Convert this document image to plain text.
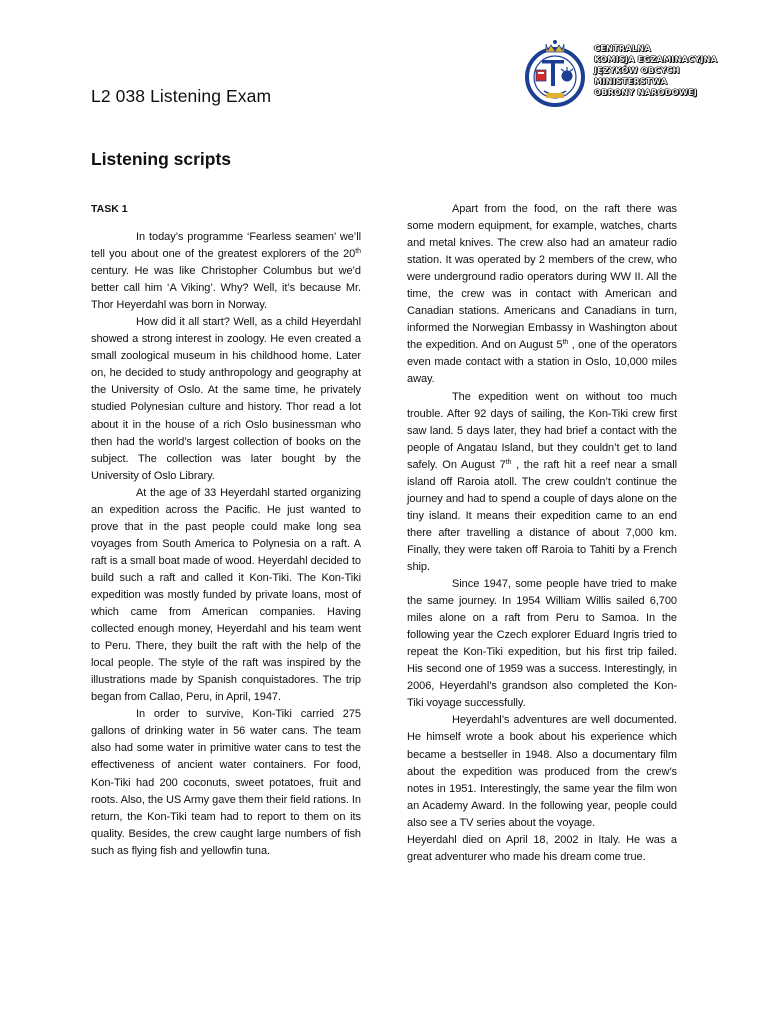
CENTRALNA
KOMISJA EGZAMINACYJNA
JĘZYKÓW OBCYCH
MINISTERSTWA
OBRONY NARODOWEJ
L2 038 Listening Exam
Listening scripts
TASK 1

In today’s programme ‘Fearless seamen’ we’ll tell you about one of the greatest explorers of the 20th century. He was like Christopher Columbus but we’d better call him ‘A Viking’. Why? Well, it’s because Mr. Thor Heyerdahl was born in Norway.

How did it all start? Well, as a child Heyerdahl showed a strong interest in zoology. He even created a small zoological museum in his childhood home. Later on, he decided to study anthropology and geography at the University of Oslo. At the same time, he privately studied Polynesian culture and history. Thor read a lot about it in the house of a rich Oslo businessman who then had the world’s largest collection of books on the subject. The collection was later bought by the University of Oslo Library.

At the age of 33 Heyerdahl started organizing an expedition across the Pacific. He just wanted to prove that in the past people could make long sea voyages from South America to Polynesia on a raft. A raft is a small boat made of wood. Heyerdahl decided to build such a raft and called it Kon-Tiki. The Kon-Tiki expedition was mostly funded by private loans, most of which came from American companies. Having collected enough money, Heyerdahl and his team went to Peru. There, they built the raft with the help of the local people. The style of the raft was inspired by the illustrations made by Spanish conquistadores. The trip began from Callao, Peru, in April, 1947.

In order to survive, Kon-Tiki carried 275 gallons of drinking water in 56 water cans. The team also had some water in primitive water cans to test the effectiveness of ancient water containers. For food, Kon-Tiki had 200 coconuts, sweet potatoes, fruit and roots. Also, the US Army gave them their field rations. In return, the Kon-Tiki team had to report to them on its quality. Besides, the crew caught large numbers of fish such as flying fish and yellowfin tuna.

Apart from the food, on the raft there was some modern equipment, for example, watches, charts and metal knives. The crew also had an amateur radio station. It was operated by 2 members of the crew, who were underground radio operators during WW II. All the time, the crew was in contact with American and Canadian stations. Americans and Canadians in turn, informed the Norwegian Embassy in Washington about the expedition. And on August 5th , one of the operators even made contact with a station in Oslo, 10,000 miles away.

The expedition went on without too much trouble. After 92 days of sailing, the Kon-Tiki crew first saw land. 5 days later, they had brief a contact with the people of Angatau Island, but they couldn’t get to land safely. On August 7th , the raft hit a reef near a small island off Raroia atoll. The crew couldn’t continue the journey and had to spend a couple of days alone on the tiny island. It means their expedition came to an end there after travelling a distance of about 7,000 km. Finally, they were taken off Raroia to Tahiti by a French ship.

Since 1947, some people have tried to make the same journey. In 1954 William Willis sailed 6,700 miles alone on a raft from Peru to Samoa. In the following year the Czech explorer Eduard Ingris tried to repeat the Kon-Tiki expedition, but his first trip failed. His second one of 1959 was a success. Interestingly, in 2006, Heyerdahl’s grandson also completed the Kon-Tiki voyage successfully.

Heyerdahl’s adventures are well documented. He himself wrote a book about his experience which became a bestseller in 1948. Also a documentary film about the expedition was produced from the crew’s notes in 1951. Interestingly, the same year the film won an Academy Award. In the following year, people could also see a TV series about the voyage.

Heyerdahl died on April 18, 2002 in Italy. He was a great adventurer who made his dream come true.
